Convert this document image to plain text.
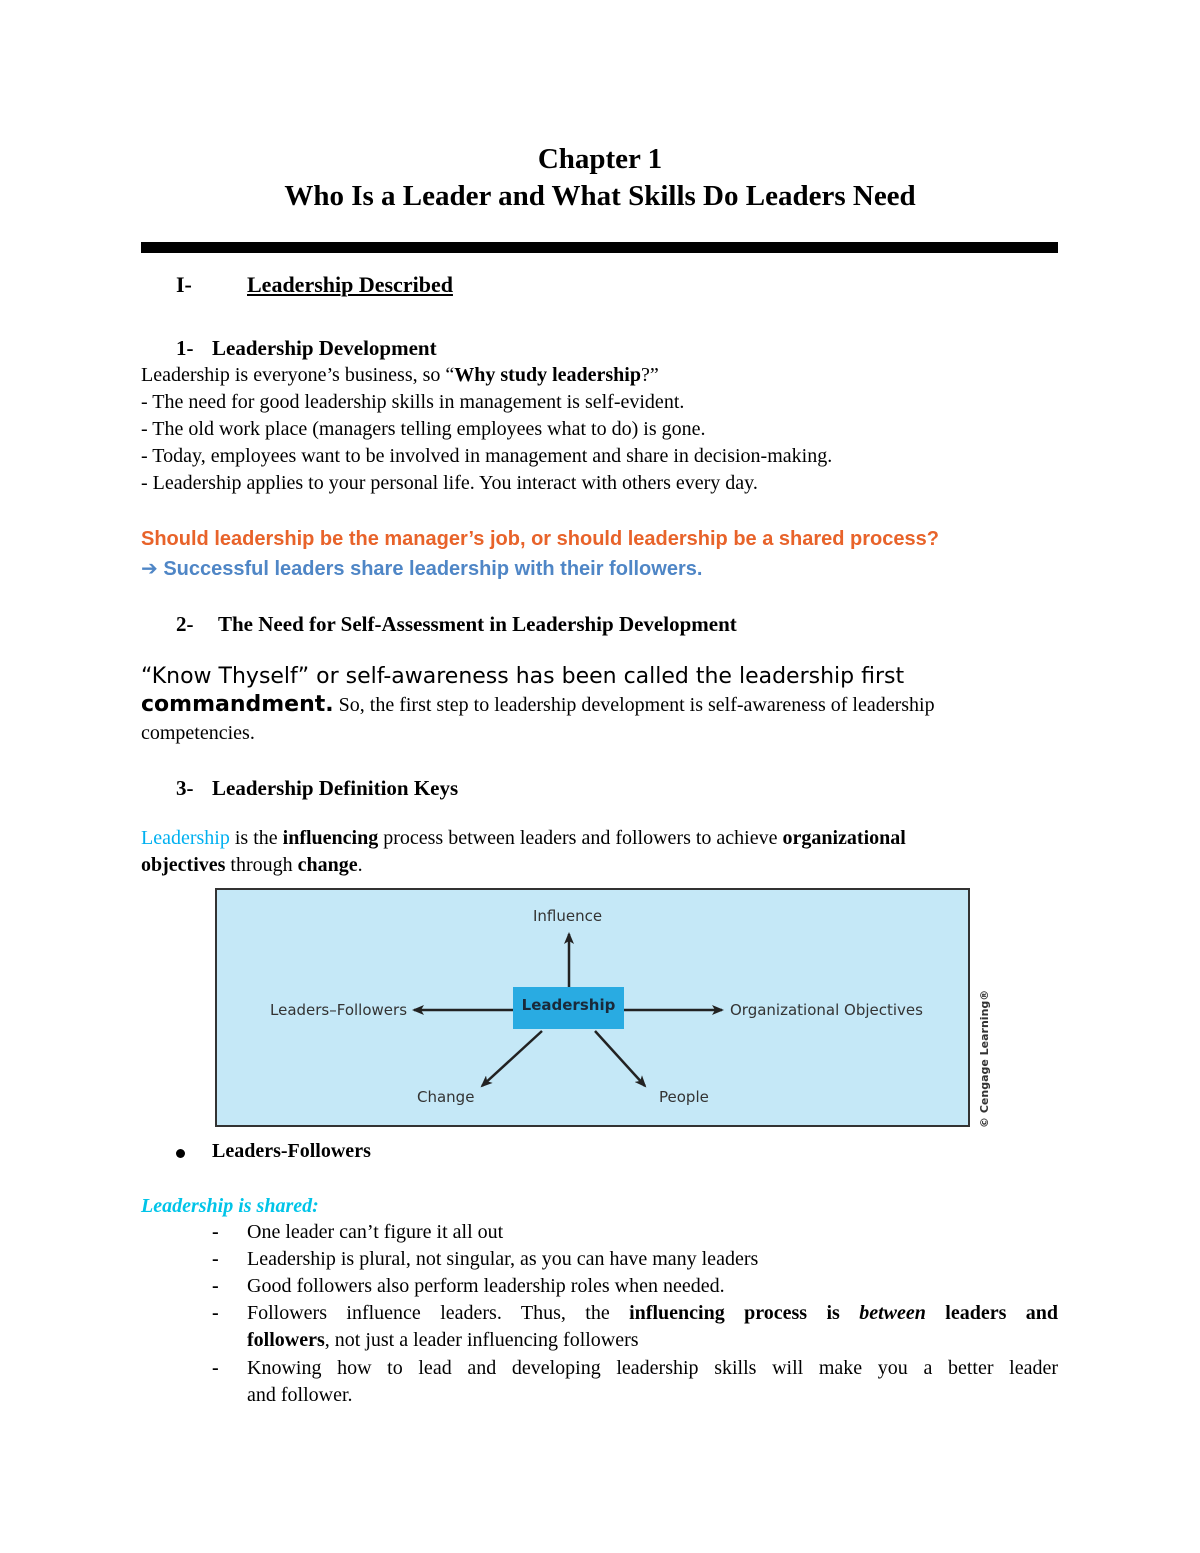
Chapter 1
Who Is a Leader and What Skills Do Leaders Need
I-	Leadership Described
1- Leadership Development
Leadership is everyone’s business, so “Why study leadership?”
- The need for good leadership skills in management is self-evident.
- The old work place (managers telling employees what to do) is gone.
- Today, employees want to be involved in management and share in decision-making.
- Leadership applies to your personal life. You interact with others every day.
Should leadership be the manager’s job, or should leadership be a shared process?
➔ Successful leaders share leadership with their followers.
2- The Need for Self-Assessment in Leadership Development
“Know Thyself” or self-awareness has been called the leadership first
commandment. So, the first step to leadership development is self-awareness of leadership
competencies.
3- Leadership Definition Keys
Leadership is the influencing process between leaders and followers to achieve organizational
objectives through change.
Leadership
Influence
Leaders–Followers	Organizational Objectives
Change	People	© Cengage Learning®
Leaders-Followers
Leadership is shared:
- One leader can’t figure it all out
- Leadership is plural, not singular, as you can have many leaders
- Good followers also perform leadership roles when needed.
- Followers influence leaders. Thus, the influencing process is between leaders and
followers, not just a leader influencing followers
- Knowing how to lead and developing leadership skills will make you a better leader
and follower.
